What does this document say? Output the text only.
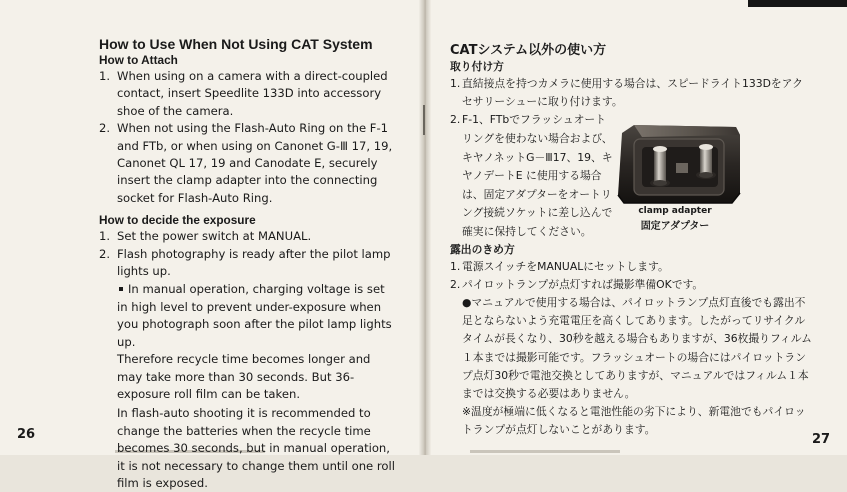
How to Use When Not Using CAT System
How to Attach
1. When using on a camera with a direct-coupled contact, insert Speedlite 133D into accessory shoe of the camera.
2. When not using the Flash-Auto Ring on the F-1 and FTb, or when using on Canonet G-Ⅲ 17, 19, Canonet QL 17, 19 and Canodate E, securely insert the clamp adapter into the connecting socket for Flash-Auto Ring.
How to decide the exposure
1. Set the power switch at MANUAL.
2. Flash photography is ready after the pilot lamp lights up.

In manual operation, charging voltage is set in high level to prevent under-exposure when you photograph soon after the pilot lamp lights up.

Therefore recycle time becomes longer and may take more than 30 seconds. But 36-exposure roll film can be taken.

In flash-auto shooting it is recommended to change the batteries when the recycle time becomes 30 seconds, but in manual operation, it is not necessary to change them until one roll film is exposed.

26
CATシステム以外の使い方
取り付け方
1. 直結接点を持つカメラに使用する場合は、スピードライト133Dをアクセサリーシューに取り付けます。
2. F-1、FTbでフラッシュオートリングを使わない場合および、キヤノネットG－Ⅲ17、19、キヤノデートE に使用する場合は、固定アダプターをオートリング接続ソケットに差し込んで確実に保持してください。
露出のきめ方
1. 電源スイッチをMANUALにセットします。
2. パイロットランプが点灯すれば撮影準備OKです。

●マニュアルで使用する場合は、パイロットランプ点灯直後でも露出不足とならないよう充電電圧を高くしてあります。したがってリサイクルタイムが長くなり、30秒を越える場合もありますが、36枚撮りフィルム１本までは撮影可能です。フラッシュオートの場合にはパイロットランプ点灯30秒で電池交換としてありますが、マニュアルではフィルム１本までは交換する必要はありません。

※温度が極端に低くなると電池性能の劣下により、新電池でもパイロットランプが点灯しないことがあります。

clamp adapter
固定アダプター
27
